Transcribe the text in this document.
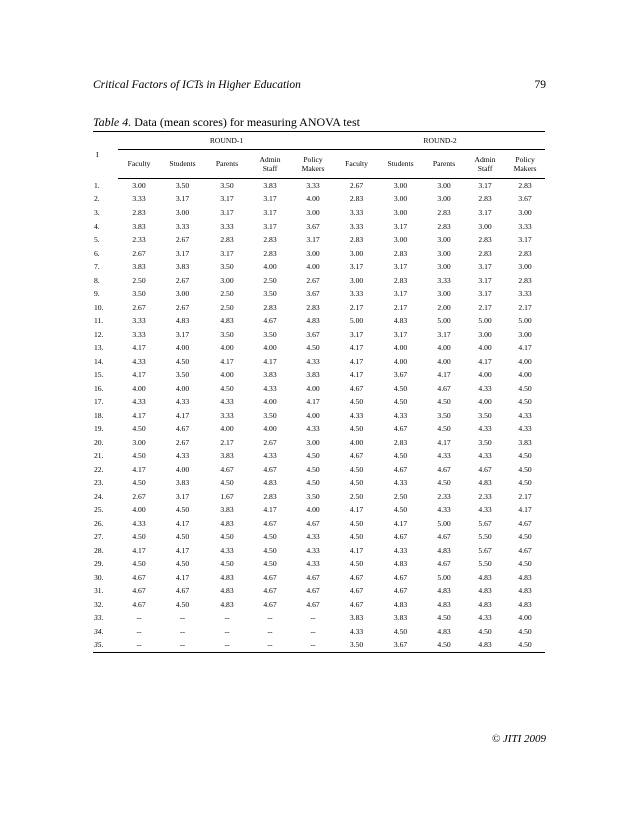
Critical Factors of ICTs in Higher Education	79
Table 4. Data (mean scores) for measuring ANOVA test
I	ROUND-1					ROUND-2				
	Faculty	Students	Parents	Admin
Staff	Policy
Makers	Faculty	Students	Parents	Admin
Staff	Policy
Makers
1.	3.00	3.50	3.50	3.83	3.33	2.67	3.00	3.00	3.17	2.83
2.	3.33	3.17	3.17	3.17	4.00	2.83	3.00	3.00	2.83	3.67
3.	2.83	3.00	3.17	3.17	3.00	3.33	3.00	2.83	3.17	3.00
4.	3.83	3.33	3.33	3.17	3.67	3.33	3.17	2.83	3.00	3.33
5.	2.33	2.67	2.83	2.83	3.17	2.83	3.00	3.00	2.83	3.17
6.	2.67	3.17	3.17	2.83	3.00	3.00	2.83	3.00	2.83	2.83
7.	3.83	3.83	3.50	4.00	4.00	3.17	3.17	3.00	3.17	3.00
8.	2.50	2.67	3.00	2.50	2.67	3.00	2.83	3.33	3.17	2.83
9.	3.50	3.00	2.50	3.50	3.67	3.33	3.17	3.00	3.17	3.33
10.	2.67	2.67	2.50	2.83	2.83	2.17	2.17	2.00	2.17	2.17
11.	3.33	4.83	4.83	4.67	4.83	5.00	4.83	5.00	5.00	5.00
12.	3.33	3.17	3.50	3.50	3.67	3.17	3.17	3.17	3.00	3.00
13.	4.17	4.00	4.00	4.00	4.50	4.17	4.00	4.00	4.00	4.17
14.	4.33	4.50	4.17	4.17	4.33	4.17	4.00	4.00	4.17	4.00
15.	4.17	3.50	4.00	3.83	3.83	4.17	3.67	4.17	4.00	4.00
16.	4.00	4.00	4.50	4.33	4.00	4.67	4.50	4.67	4.33	4.50
17.	4.33	4.33	4.33	4.00	4.17	4.50	4.50	4.50	4.00	4.50
18.	4.17	4.17	3.33	3.50	4.00	4.33	4.33	3.50	3.50	4.33
19.	4.50	4.67	4.00	4.00	4.33	4.50	4.67	4.50	4.33	4.33
20.	3.00	2.67	2.17	2.67	3.00	4.00	2.83	4.17	3.50	3.83
21.	4.50	4.33	3.83	4.33	4.50	4.67	4.50	4.33	4.33	4.50
22.	4.17	4.00	4.67	4.67	4.50	4.50	4.67	4.67	4.67	4.50
23.	4.50	3.83	4.50	4.83	4.50	4.50	4.33	4.50	4.83	4.50
24.	2.67	3.17	1.67	2.83	3.50	2.50	2.50	2.33	2.33	2.17
25.	4.00	4.50	3.83	4.17	4.00	4.17	4.50	4.33	4.33	4.17
26.	4.33	4.17	4.83	4.67	4.67	4.50	4.17	5.00	5.67	4.67
27.	4.50	4.50	4.50	4.50	4.33	4.50	4.67	4.67	5.50	4.50
28.	4.17	4.17	4.33	4.50	4.33	4.17	4.33	4.83	5.67	4.67
29.	4.50	4.50	4.50	4.50	4.33	4.50	4.83	4.67	5.50	4.50
30.	4.67	4.17	4.83	4.67	4.67	4.67	4.67	5.00	4.83	4.83
31.	4.67	4.67	4.83	4.67	4.67	4.67	4.67	4.83	4.83	4.83
32.	4.67	4.50	4.83	4.67	4.67	4.67	4.83	4.83	4.83	4.83
33.	--	--	--	--	--	3.83	3.83	4.50	4.33	4.00
34.	--	--	--	--	--	4.33	4.50	4.83	4.50	4.50
35.	--	--	--	--	--	3.50	3.67	4.50	4.83	4.50
© JITI 2009
